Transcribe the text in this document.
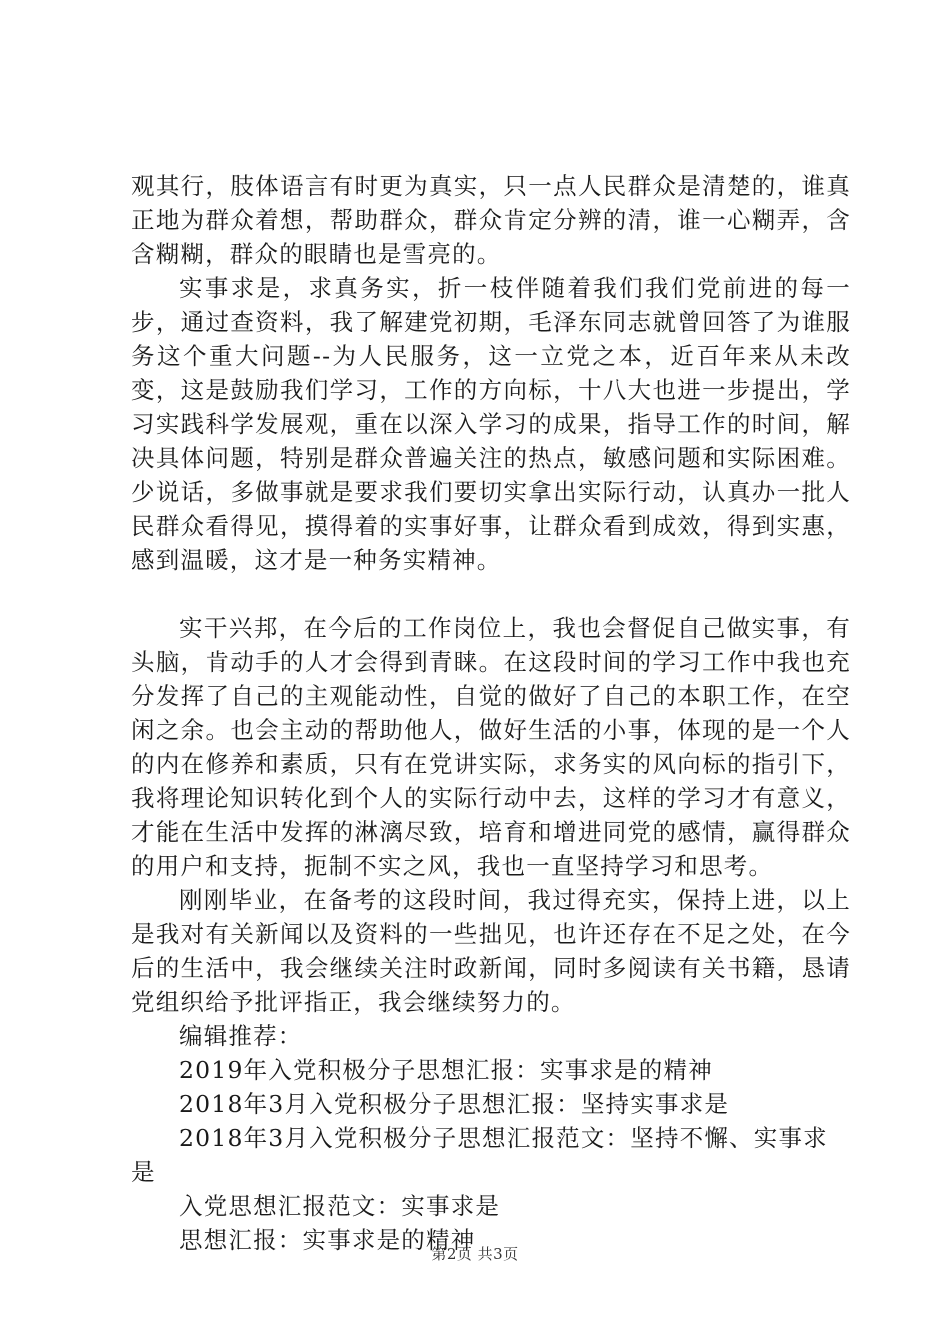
观其行，肢体语言有时更为真实，只一点人民群众是清楚的，谁真正地为群众着想，帮助群众，群众肯定分辨的清，谁一心糊弄，含含糊糊，群众的眼睛也是雪亮的。

实事求是，求真务实，折一枝伴随着我们我们党前进的每一步，通过查资料，我了解建党初期，毛泽东同志就曾回答了为谁服务这个重大问题--为人民服务，这一立党之本，近百年来从未改变，这是鼓励我们学习，工作的方向标，十八大也进一步提出，学习实践科学发展观，重在以深入学习的成果，指导工作的时间，解决具体问题，特别是群众普遍关注的热点，敏感问题和实际困难。少说话，多做事就是要求我们要切实拿出实际行动，认真办一批人民群众看得见，摸得着的实事好事，让群众看到成效，得到实惠，感到温暖，这才是一种务实精神。

实干兴邦，在今后的工作岗位上，我也会督促自己做实事，有头脑，肯动手的人才会得到青睐。在这段时间的学习工作中我也充分发挥了自己的主观能动性，自觉的做好了自己的本职工作，在空闲之余。也会主动的帮助他人，做好生活的小事，体现的是一个人的内在修养和素质，只有在党讲实际，求务实的风向标的指引下，我将理论知识转化到个人的实际行动中去，这样的学习才有意义，才能在生活中发挥的淋漓尽致，培育和增进同党的感情，赢得群众的用户和支持，扼制不实之风，我也一直坚持学习和思考。

刚刚毕业，在备考的这段时间，我过得充实，保持上进，以上是我对有关新闻以及资料的一些拙见，也许还存在不足之处，在今后的生活中，我会继续关注时政新闻，同时多阅读有关书籍，恳请党组织给予批评指正，我会继续努力的。

编辑推荐：

2019年入党积极分子思想汇报：实事求是的精神
2018年3月入党积极分子思想汇报：坚持实事求是
2018年3月入党积极分子思想汇报范文：坚持不懈、实事求是
入党思想汇报范文：实事求是
思想汇报：实事求是的精神
第2页 共3页
